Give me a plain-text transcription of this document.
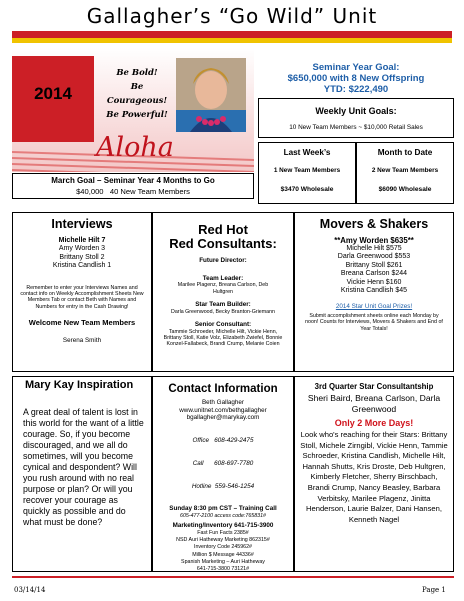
Gallagher’s “Go Wild” Unit
2014
Be Bold!
Be Courageous!
Be Powerful!
Aloha
Seminar Year Goal:
$650,000 with 8 New Offspring
YTD: $222,490
Weekly Unit Goals:
10 New Team Members ~ $10,000 Retail Sales
March Goal – Seminar Year 4 Months to Go
$40,000 40 New Team Members
Last Week’s
1 New Team Members
$3470 Wholesale
Month to Date
2 New Team Members
$6090 Wholesale
Interviews
Michelle Hilt 7
Amy Worden 3
Brittany Stoll 2
Kristina Candlish 1
Remember to enter your Interviews Names and contact info on Weekly Accomplishment Sheets New Members Tab or contact Beth with Names and Numbers for entry in the Cash Drawing!
Welcome New Team Members
Serena Smith
Red Hot
Red Consultants:
Future Director:
Team Leader:
Marilee Plagenz, Breana Carlson, Deb Hultgren
Star Team Builder:
Darla Greenwood, Becky Branton-Griemann
Senior Consultant:
Tammie Schroeder, Michelle Hilt, Vickie Henn, Brittany Stoll, Katie Volz, Elizabeth Zwiefel, Bonnie Konzel-Fallabeck, Brandi Crump, Melanie Coien
Movers & Shakers
**Amy Worden $635**
Michelle Hilt $575
Darla Greenwood $553
Brittany Stoll $261
Breana Carlson $244
Vickie Henn $160
Kristina Candlish $45
2014 Star Unit Goal Prizes!
Submit accomplishment sheets online each Monday by noon! Counts for Interviews, Movers & Shakers and End of Year Totals!
Mary Kay Inspiration
A great deal of talent is lost in this world for the want of a little courage. So, if you become discouraged, and we all do sometimes, will you become cynical and despondent? Will you rush around with no real purpose or plan? Or will you recover your courage as quickly as possible and do what must be done?
Contact Information
Beth Gallagher
www.unitnet.com/bethgallagher
bgallagher@marykay.com

Office   608-429-2475

Call      608-697-7780

Hotline  559-546-1254

Sunday 8:30 pm CST – Training Call
605-477-2100 access code:765831#
Marketing/Inventory 641-715-3900
Fast Fun Facts 2385#
NSD Auri Hatheway Marketing 862315#
Inventory Code 245962#
Million $ Message 44336#
Spanish Marketing – Auri Hatheway
641-715-3800 73121#
3rd Quarter Star Consultantship
Sheri Baird, Breana Carlson, Darla Greenwood
Only 2 More Days!
Look who's reaching for their Stars: Brittany Stoll, Michele Zirngibl, Vickie Henn, Tammie Schroeder, Kristina Candlish, Michelle Hilt, Hannah Shutts, Kris Droste, Deb Hultgren, Kimberly Fletcher, Sherry Birschbach, Brandi Crump, Nancy Beasley, Barbara Verbitsky, Marilee Plagenz, Jinitta Henderson, Laurie Balzer, Dani Hansen, Kenneth Nagel
03/14/14	Page 1
